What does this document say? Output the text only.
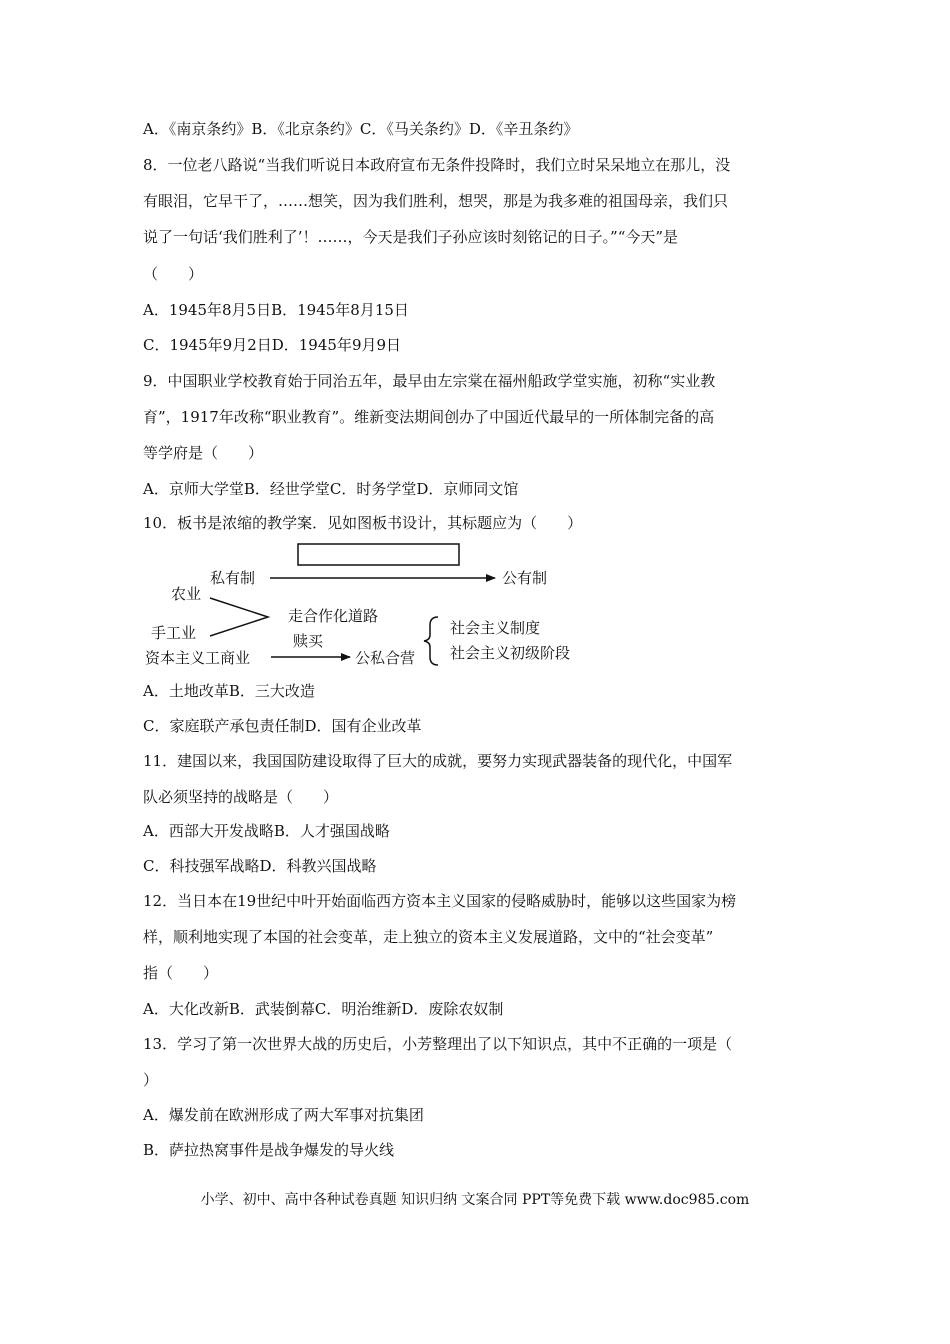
A．《南京条约》B．《北京条约》C．《马关条约》D．《辛丑条约》
8．一位老八路说“当我们听说日本政府宣布无条件投降时，我们立时呆呆地立在那儿，没
有眼泪，它早干了，……想笑，因为我们胜利，想哭，那是为我多难的祖国母亲，我们只
说了一句话‘我们胜利了’！……，今天是我们子孙应该时刻铭记的日子。”“今天”是
（　　）
A．1945年8月5日B．1945年8月15日
C．1945年9月2日D．1945年9月9日
9．中国职业学校教育始于同治五年，最早由左宗棠在福州船政学堂实施，初称“实业教
育”，1917年改称“职业教育”。维新变法期间创办了中国近代最早的一所体制完备的高
等学府是（　　）
A．京师大学堂B．经世学堂C．时务学堂D．京师同文馆
10．板书是浓缩的教学案．见如图板书设计，其标题应为（　　）
私有制	公有制
农业
手工业
走合作化道路
赎买
资本主义工商业	公私合营
社会主义制度
社会主义初级阶段
A．土地改革B．三大改造
C．家庭联产承包责任制D．国有企业改革
11．建国以来，我国国防建设取得了巨大的成就，要努力实现武器装备的现代化，中国军
队必须坚持的战略是（　　）
A．西部大开发战略B．人才强国战略
C．科技强军战略D．科教兴国战略
12．当日本在19世纪中叶开始面临西方资本主义国家的侵略威胁时，能够以这些国家为榜
样，顺利地实现了本国的社会变革，走上独立的资本主义发展道路，文中的“社会变革”
指（　　）
A．大化改新B．武装倒幕C．明治维新D．废除农奴制
13．学习了第一次世界大战的历史后，小芳整理出了以下知识点，其中不正确的一项是（
）
A．爆发前在欧洲形成了两大军事对抗集团
B．萨拉热窝事件是战争爆发的导火线
小学、初中、高中各种试卷真题 知识归纳 文案合同 PPT等免费下载 www.doc985.com
